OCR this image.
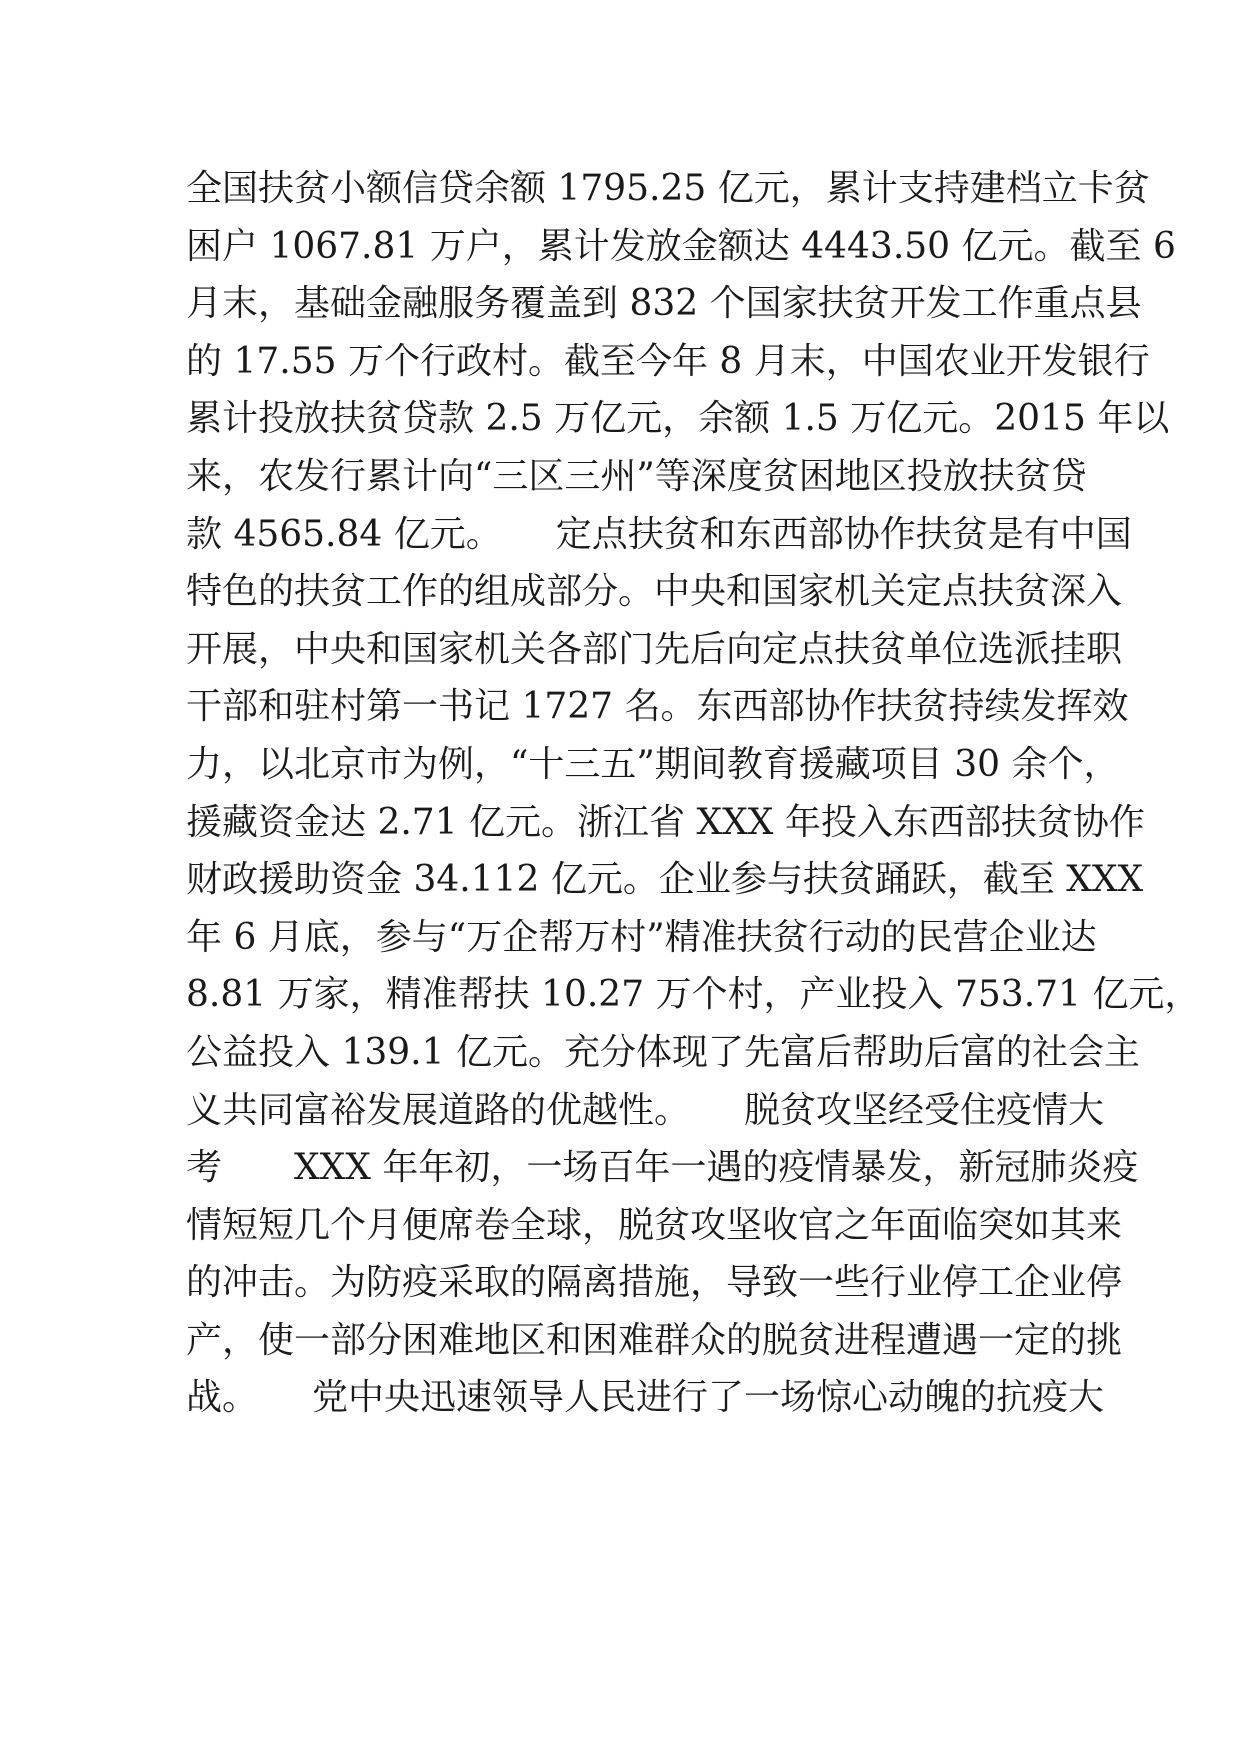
全国扶贫小额信贷余额 1795.25 亿元，累计支持建档立卡贫
困户 1067.81 万户，累计发放金额达 4443.50 亿元。截至 6
月末，基础金融服务覆盖到 832 个国家扶贫开发工作重点县
的 17.55 万个行政村。截至今年 8 月末，中国农业开发银行
累计投放扶贫贷款 2.5 万亿元，余额 1.5 万亿元。2015 年以
来，农发行累计向“三区三州”等深度贫困地区投放扶贫贷
款 4565.84 亿元。　　定点扶贫和东西部协作扶贫是有中国
特色的扶贫工作的组成部分。中央和国家机关定点扶贫深入
开展，中央和国家机关各部门先后向定点扶贫单位选派挂职
干部和驻村第一书记 1727 名。东西部协作扶贫持续发挥效
力，以北京市为例，“十三五”期间教育援藏项目 30 余个，
援藏资金达 2.71 亿元。浙江省 XXX 年投入东西部扶贫协作
财政援助资金 34.112 亿元。企业参与扶贫踊跃，截至 XXX
年 6 月底，参与“万企帮万村”精准扶贫行动的民营企业达
8.81 万家，精准帮扶 10.27 万个村，产业投入 753.71 亿元，
公益投入 139.1 亿元。充分体现了先富后帮助后富的社会主
义共同富裕发展道路的优越性。　　脱贫攻坚经受住疫情大
考　　XXX 年年初，一场百年一遇的疫情暴发，新冠肺炎疫
情短短几个月便席卷全球，脱贫攻坚收官之年面临突如其来
的冲击。为防疫采取的隔离措施，导致一些行业停工企业停
产，使一部分困难地区和困难群众的脱贫进程遭遇一定的挑
战。　　党中央迅速领导人民进行了一场惊心动魄的抗疫大
